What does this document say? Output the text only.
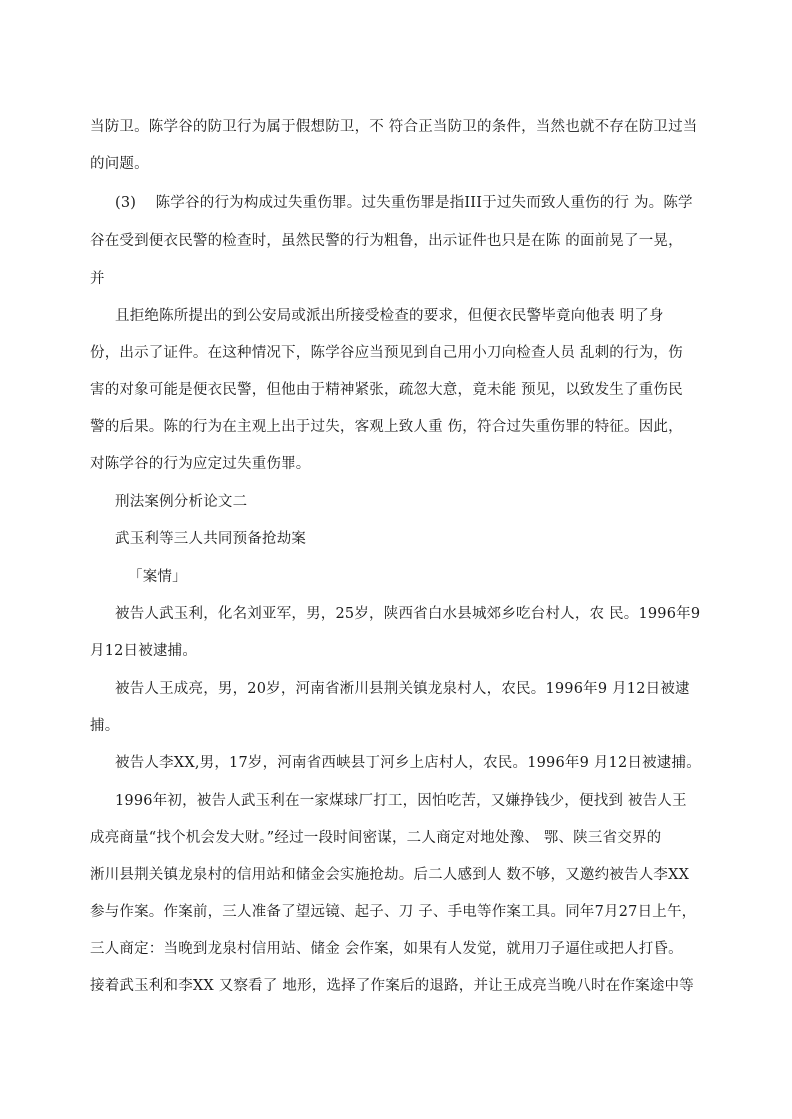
当防卫。陈学谷的防卫行为属于假想防卫，不 符合正当防卫的条件，当然也就不存在防卫过当
的问题。
(3)　 陈学谷的行为构成过失重伤罪。过失重伤罪是指III于过失而致人重伤的行 为。陈学
谷在受到便衣民警的检查时，虽然民警的行为粗鲁，出示证件也只是在陈 的面前晃了一晃，
并
且拒绝陈所提出的到公安局或派出所接受检查的要求，但便衣民警毕竟向他表 明了身
份，出示了证件。在这种情况下，陈学谷应当预见到自己用小刀向检查人员 乱刺的行为，伤
害的对象可能是便衣民警，但他由于精神紧张，疏忽大意，竟未能 预见，以致发生了重伤民
警的后果。陈的行为在主观上出于过失，客观上致人重 伤，符合过失重伤罪的特征。因此，
对陈学谷的行为应定过失重伤罪。
刑法案例分析论文二
武玉利等三人共同预备抢劫案
「案情」
被告人武玉利，化名刘亚军，男，25岁，陕西省白水县城郊乡吃台村人，农 民。1996年9
月12日被逮捕。
被告人王成亮，男，20岁，河南省淅川县荆关镇龙泉村人，农民。1996年9 月12日被逮
捕。
被告人李XX,男，17岁，河南省西峡县丁河乡上店村人，农民。1996年9 月12日被逮捕。
1996年初，被告人武玉利在一家煤球厂打工，因怕吃苦，又嫌挣钱少，便找到 被告人王
成亮商量“找个机会发大财。”经过一段时间密谋，二人商定对地处豫、 鄂、陕三省交界的
淅川县荆关镇龙泉村的信用站和储金会实施抢劫。后二人感到人 数不够，又邀约被告人李XX
参与作案。作案前，三人准备了望远镜、起子、刀 子、手电等作案工具。同年7月27日上午，
三人商定：当晚到龙泉村信用站、储金 会作案，如果有人发觉，就用刀子逼住或把人打昏。
接着武玉利和李XX 又察看了 地形，选择了作案后的退路，并让王成亮当晚八时在作案途中等
